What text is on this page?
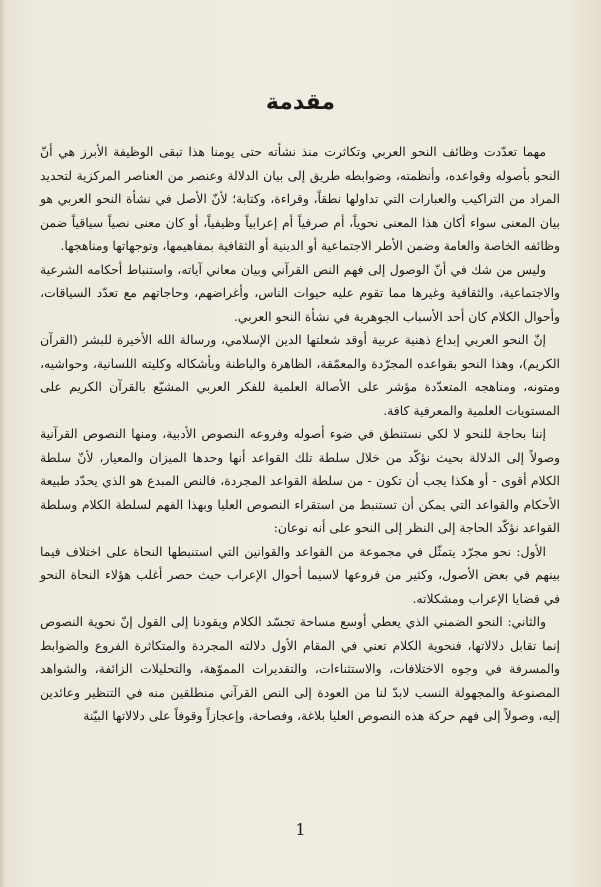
مقدمة

مهما تعدّدت وظائف النحو العربي وتكاثرت منذ نشأته حتى يومنا هذا تبقى الوظيفة الأبرز هي أنّ النحو بأصوله وقواعده، وأنظمته، وضوابطه طريق إلى بيان الدلالة وعنصر من العناصر المركزية لتحديد المراد من التراكيب والعبارات التي تداولها نطقاً، وقراءة، وكتابة؛ لأنّ الأصل في نشأة النحو العربي هو بيان المعنى سواء أكان هذا المعنى نحوياً، أم صرفياً أم إعرابياً وظيفياً، أو كان معنى نصياً سياقياً ضمن وظائفه الخاصة والعامة وضمن الأطر الاجتماعية أو الدينية أو الثقافية بمفاهيمها، وتوجهاتها ومناهجها.

وليس من شك في أنّ الوصول إلى فهم النص القرآني وبيان معاني آياته، واستنباط أحكامه الشرعية والاجتماعية، والثقافية وغيرها مما تقوم عليه حيوات الناس، وأغراضهم، وحاجاتهم مع تعدّد السياقات، وأحوال الكلام كان أحد الأسباب الجوهرية في نشأة النحو العربي.

إنّ النحو العربي إبداع ذهنية عربية أوقد شعلتها الدين الإسلامي، ورسالة الله الأخيرة للبشر (القرآن الكريم)، وهذا النحو بقواعده المجرّدة والمعمّقة، الظاهرة والباطنة وبأشكاله وكليته اللسانية، وحواشيه، ومتونه، ومناهجه المتعدّدة مؤشر على الأصالة العلمية للفكر العربي المشبّع بالقرآن الكريم على المستويات العلمية والمعرفية كافة.

إننا بحاجة للنحو لا لكي نستنطق في ضوء أصوله وفروعه النصوص الأدبية، ومنها النصوص القرآنية وصولاً إلى الدلالة بحيث نؤكّد من خلال سلطة تلك القواعد أنها وحدها الميزان والمعيار، لأنّ سلطة الكلام أقوى - أو هكذا يجب أن تكون - من سلطة القواعد المجردة، فالنص المبدع هو الذي يحدّد طبيعة الأحكام والقواعد التي يمكن أن تستنبط من استقراء النصوص العليا وبهذا الفهم لسلطة الكلام وسلطة القواعد نؤكّد الحاجة إلى النظر إلى النحو على أنه نوعان:

الأول: نحو مجرّد يتمثّل في مجموعة من القواعد والقوانين التي استنبطها النحاة على اختلاف فيما بينهم في بعض الأصول، وكثير من فروعها لاسيما أحوال الإعراب حيث حصر أغلب هؤلاء النحاة النحو في قضايا الإعراب ومشكلاته.

والثاني: النحو الضمني الذي يعطي أوسع مساحة تجسّد الكلام ويقودنا إلى القول إنّ نحوية النصوص إنما تقابل دلالاتها، فنحوية الكلام تعني في المقام الأول دلالته المجردة والمتكاثرة الفروع والضوابط والمسرفة في وجوه الاختلافات، والاستثناءات، والتقديرات المموّهة، والتحليلات الزائفة، والشواهد المصنوعة والمجهولة النسب لابدّ لنا من العودة إلى النص القرآني منطلقين منه في التنظير وعائدين إليه، وصولاً إلى فهم حركة هذه النصوص العليا بلاغة، وفصاحة، وإعجازاً وقوفاً على دلالاتها البيّنة

1
